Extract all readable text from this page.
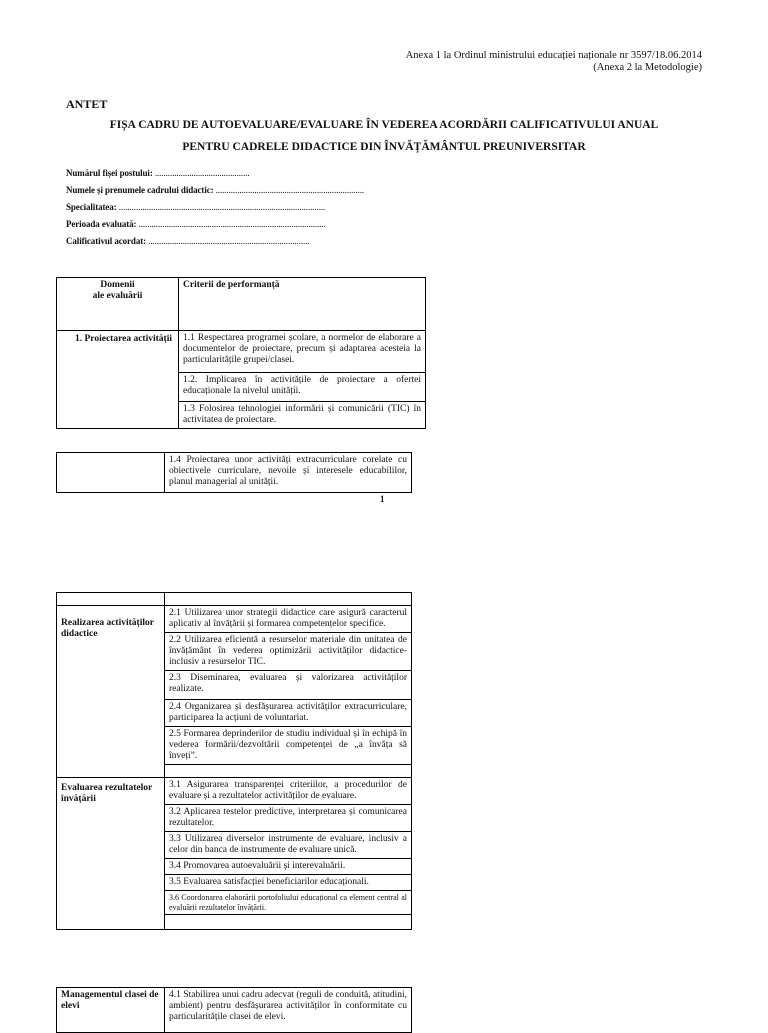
Anexa 1 la Ordinul ministrului educației naționale nr 3597/18.06.2014
(Anexa 2 la Metodologie)
ANTET
FIȘA CADRU DE AUTOEVALUARE/EVALUARE ÎN VEDEREA ACORDĂRII CALIFICATIVULUI ANUAL
PENTRU CADRELE DIDACTICE DIN ÎNVĂȚĂMÂNTUL PREUNIVERSITAR
Numărul fișei postului: ............................................
Numele și prenumele cadrului didactic: .....................................................................
Specialitatea: ................................................................................................
Perioada evaluată: .......................................................................................
Calificativul acordat: ...........................................................................
Domenii
ale evaluării	Criterii de performanță
1. Proiectarea activității	1.1 Respectarea programei școlare, a normelor de elaborare a documentelor de proiectare, precum și adaptarea acesteia la particularitățile grupei/clasei.
	1.2. Implicarea în activitățile de proiectare a ofertei educaționale la nivelul unității.
	1.3 Folosirea tehnologiei informării și comunicării (TIC) în activitatea de proiectare.
	1.4 Proiectarea unor activități extracurriculare corelate cu obiectivele curriculare, nevoile și interesele educabililor, planul managerial al unității.
1

Realizarea activităților didactice	2.1 Utilizarea unor strategii didactice care asigură caracterul aplicativ al învățării și formarea competențelor specifice.
	2.2 Utilizarea eficientă a resurselor materiale din unitatea de învățământ în vederea optimizării activităților didactice-inclusiv a resurselor TIC.
	2.3 Diseminarea, evaluarea și valorizarea activităților realizate.
	2.4 Organizarea și desfășurarea activităților extracurriculare, participarea la acțiuni de voluntariat.
	2.5 Formarea deprinderilor de studiu individual și în echipă în vederea formării/dezvoltării competenței de „a învăța să înveți”.

Evaluarea rezultatelor învățării	3.1 Asigurarea transparenței criteriilor, a procedurilor de evaluare și a rezultatelor activităților de evaluare.
	3.2 Aplicarea testelor predictive, interpretarea și comunicarea rezultatelor.
	3.3 Utilizarea diverselor instrumente de evaluare, inclusiv a celor din banca de instrumente de evaluare unică.
	3.4 Promovarea autoevaluării și interevaluării.
	3.5 Evaluarea satisfacției beneficiarilor educaționali.
	3.6 Coordonarea elaborării portofoliului educațional ca element central al evaluării rezultatelor învățării.

Managementul clasei de elevi	4.1 Stabilirea unui cadru adecvat (reguli de conduită, atitudini, ambient) pentru desfășurarea activităților în conformitate cu particularitățile clasei de elevi.
